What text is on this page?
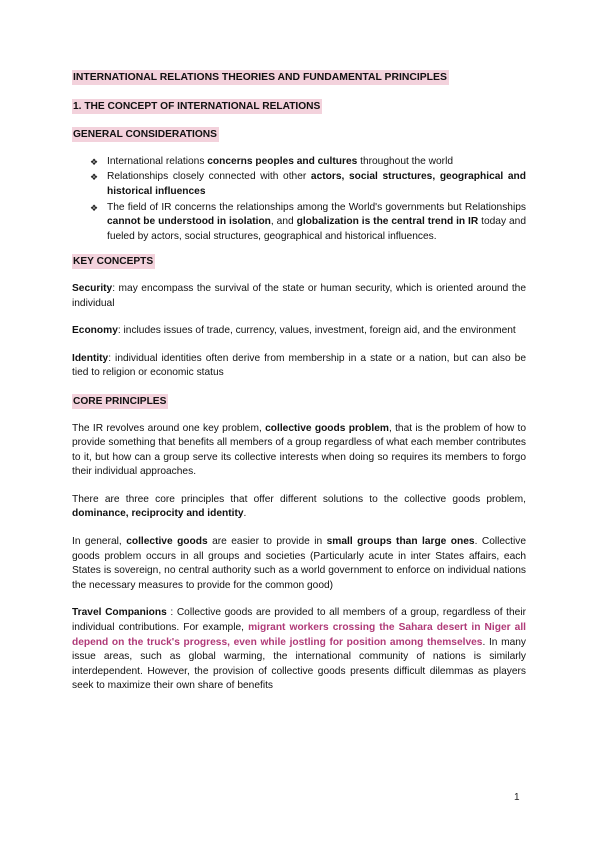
INTERNATIONAL RELATIONS THEORIES AND FUNDAMENTAL PRINCIPLES
1. THE CONCEPT OF INTERNATIONAL RELATIONS
GENERAL CONSIDERATIONS
❖ International relations concerns peoples and cultures throughout the world
❖ Relationships closely connected with other actors, social structures, geographical and historical influences
❖ The field of IR concerns the relationships among the World's governments but Relationships cannot be understood in isolation, and globalization is the central trend in IR today and fueled by actors, social structures, geographical and historical influences.
KEY CONCEPTS

Security: may encompass the survival of the state or human security, which is oriented around the individual

Economy: includes issues of trade, currency, values, investment, foreign aid, and the environment

Identity: individual identities often derive from membership in a state or a nation, but can also be tied to religion or economic status

CORE PRINCIPLES

The IR revolves around one key problem, collective goods problem, that is the problem of how to provide something that benefits all members of a group regardless of what each member contributes to it, but how can a group serve its collective interests when doing so requires its members to forgo their individual approaches.

There are three core principles that offer different solutions to the collective goods problem, dominance, reciprocity and identity.

In general, collective goods are easier to provide in small groups than large ones. Collective goods problem occurs in all groups and societies (Particularly acute in inter States affairs, each States is sovereign, no central authority such as a world government to enforce on individual nations the necessary measures to provide for the common good)

Travel Companions : Collective goods are provided to all members of a group, regardless of their individual contributions. For example, migrant workers crossing the Sahara desert in Niger all depend on the truck's progress, even while jostling for position among themselves. In many issue areas, such as global warming, the international community of nations is similarly interdependent. However, the provision of collective goods presents difficult dilemmas as players seek to maximize their own share of benefits

1
